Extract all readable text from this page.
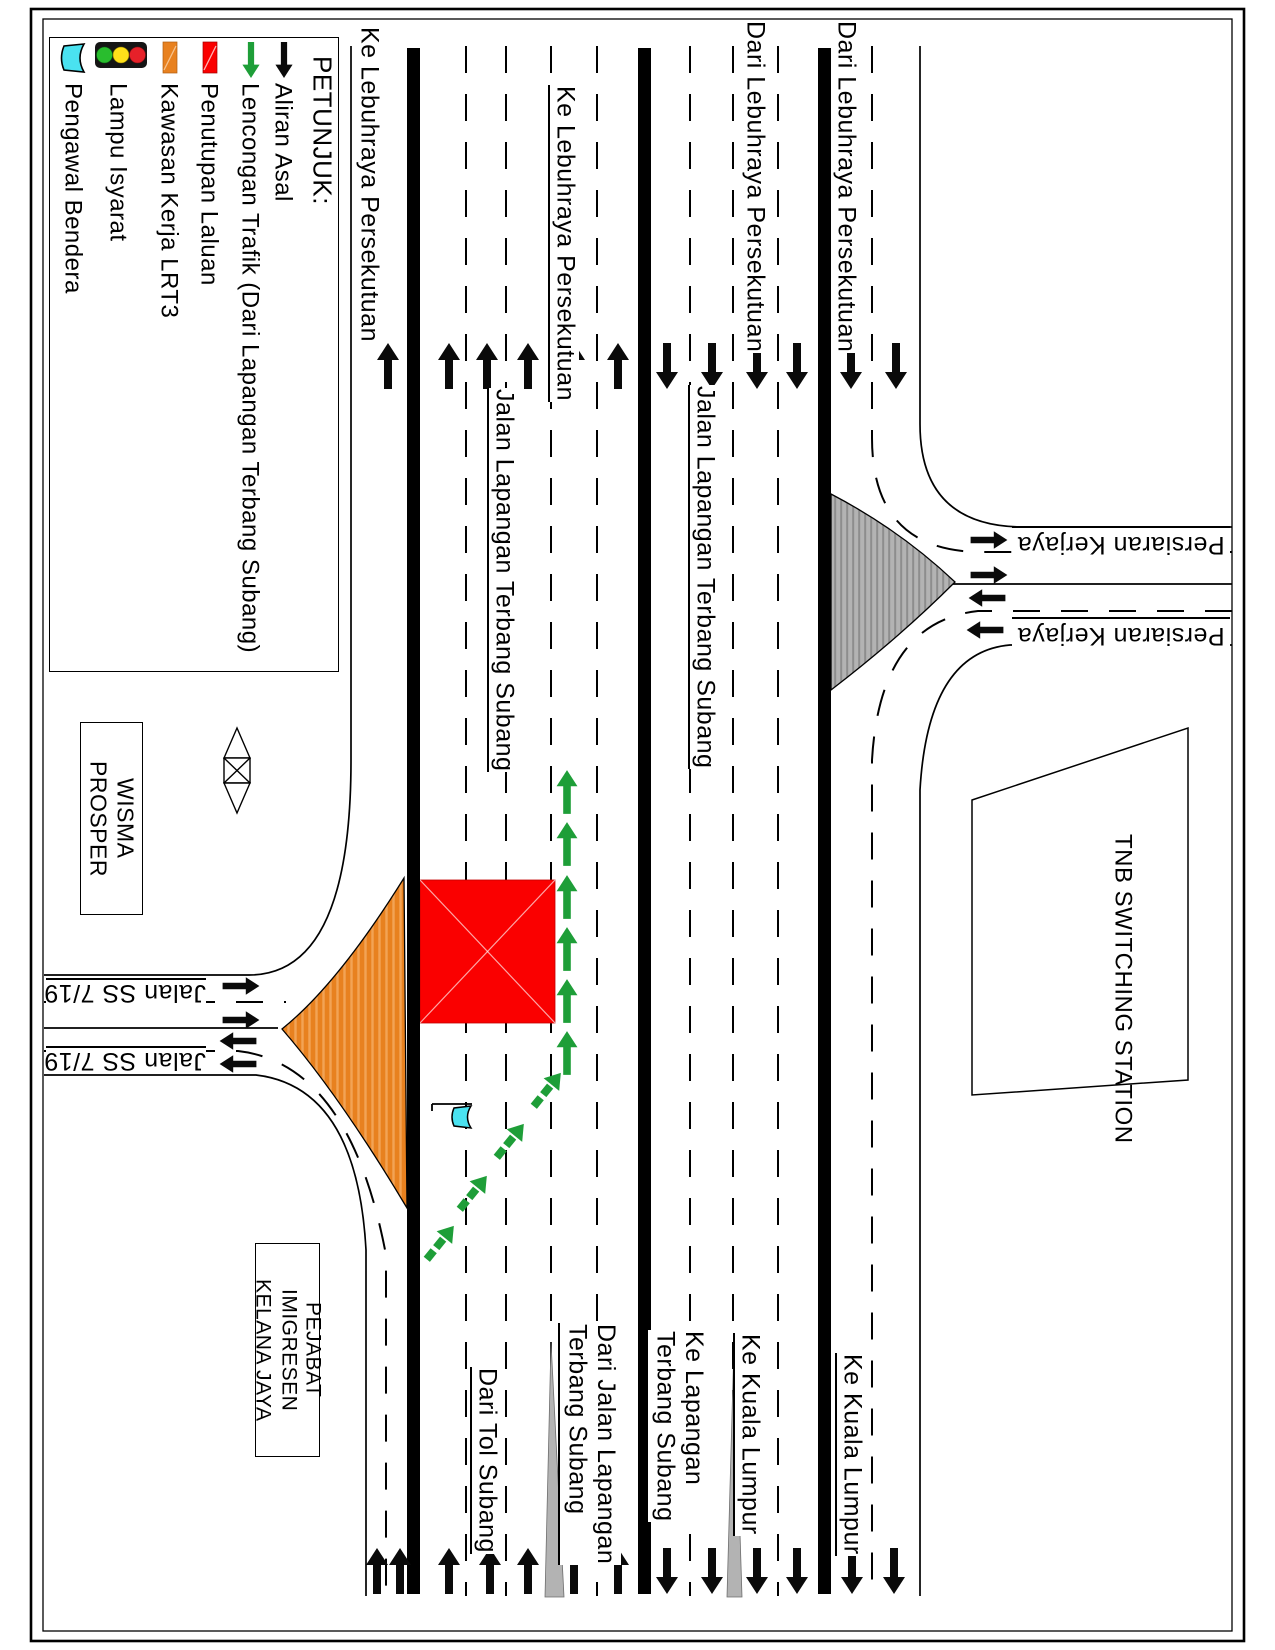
PETUNJUK:
Aliran Asal
Lencongan Trafik (Dari Lapangan Terbang Subang)
Penutupan Laluan
Kawasan Kerja LRT3
Lampu Isyarat
Pengawal Bendera	Ke Lebuhraya Persekutuan
Jalan Lapangan Terbang Subang
Ke Lebuhraya Persekutuan
Jalan Lapangan Terbang Subang
Dari Lebuhraya Persekutuan	Dari Lebuhraya Persekutuan
Dari Tol Subang	Dari Jalan Lapangan
Terbang Subang	Ke Lapangan
Terbang Subang Ke Kuala Lumpur	Ke Kuala Lumpur
Persiaran Kerjaya
Persiaran Kerjaya
Jalan SS 7/19
Jalan SS 7/19
WISMA PROSPER
PEJABAT IMIGRESEN
KELANA JAYA
TNB SWITCHING STATION
